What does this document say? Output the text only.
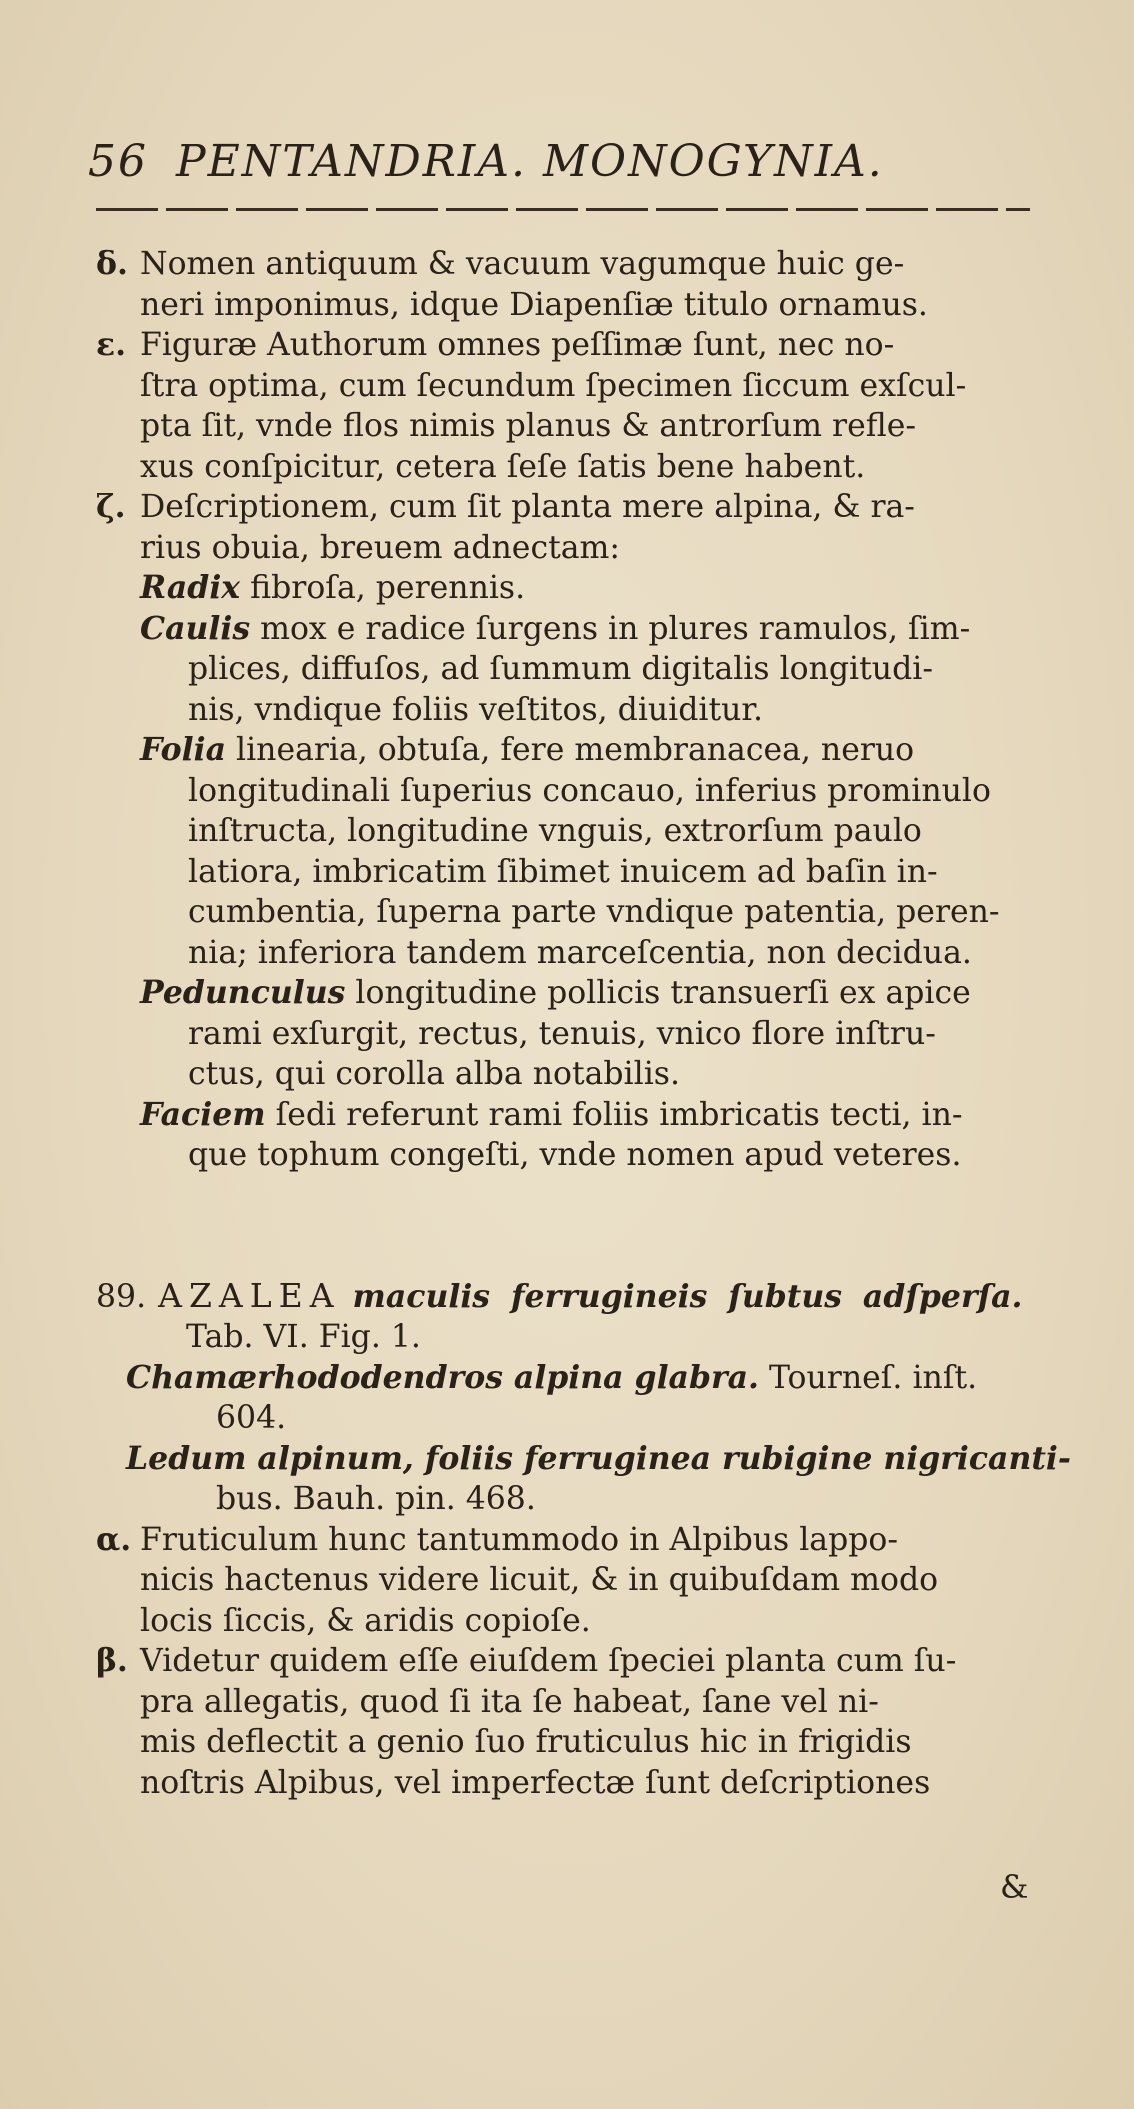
56 PENTANDRIA. MONOGYNIA.
δ. Nomen antiquum & vacuum vagumque huic ge-
neri imponimus, idque Diapenſiæ titulo ornamus.
ε. Figuræ Authorum omnes peſſimæ ſunt, nec no-
ſtra optima, cum ſecundum ſpecimen ſiccum exſcul-
pta ſit, vnde flos nimis planus & antrorſum refle-
xus conſpicitur, cetera ſeſe ſatis bene habent.
ζ. Deſcriptionem, cum ſit planta mere alpina, & ra-
rius obuia, breuem adnectam:
Radix fibroſa, perennis.
Caulis mox e radice ſurgens in plures ramulos, ſim-
plices, diffuſos, ad ſummum digitalis longitudi-
nis, vndique foliis veſtitos, diuiditur.
Folia linearia, obtuſa, fere membranacea, neruo
longitudinali ſuperius concauo, inferius prominulo
inſtructa, longitudine vnguis, extrorſum paulo
latiora, imbricatim ſibimet inuicem ad baſin in-
cumbentia, ſuperna parte vndique patentia, peren-
nia; inferiora tandem marceſcentia, non decidua.
Pedunculus longitudine pollicis transuerſi ex apice
rami exſurgit, rectus, tenuis, vnico flore inſtru-
ctus, qui corolla alba notabilis.
Faciem ſedi referunt rami foliis imbricatis tecti, in-
que tophum congeſti, vnde nomen apud veteres.
89. AZALEA maculis ferrugineis ſubtus adſperſa.
Tab. VI. Fig. 1.
Chamærhododendros alpina glabra. Tourneſ. inſt.
604.
Ledum alpinum, foliis ferruginea rubigine nigricanti-
bus. Bauh. pin. 468.
α. Fruticulum hunc tantummodo in Alpibus lappo-
nicis hactenus videre licuit, & in quibuſdam modo
locis ſiccis, & aridis copioſe.
β. Videtur quidem eſſe eiuſdem ſpeciei planta cum ſu-
pra allegatis, quod ſi ita ſe habeat, ſane vel ni-
mis deflectit a genio ſuo fruticulus hic in frigidis
noſtris Alpibus, vel imperfectæ ſunt deſcriptiones
&
